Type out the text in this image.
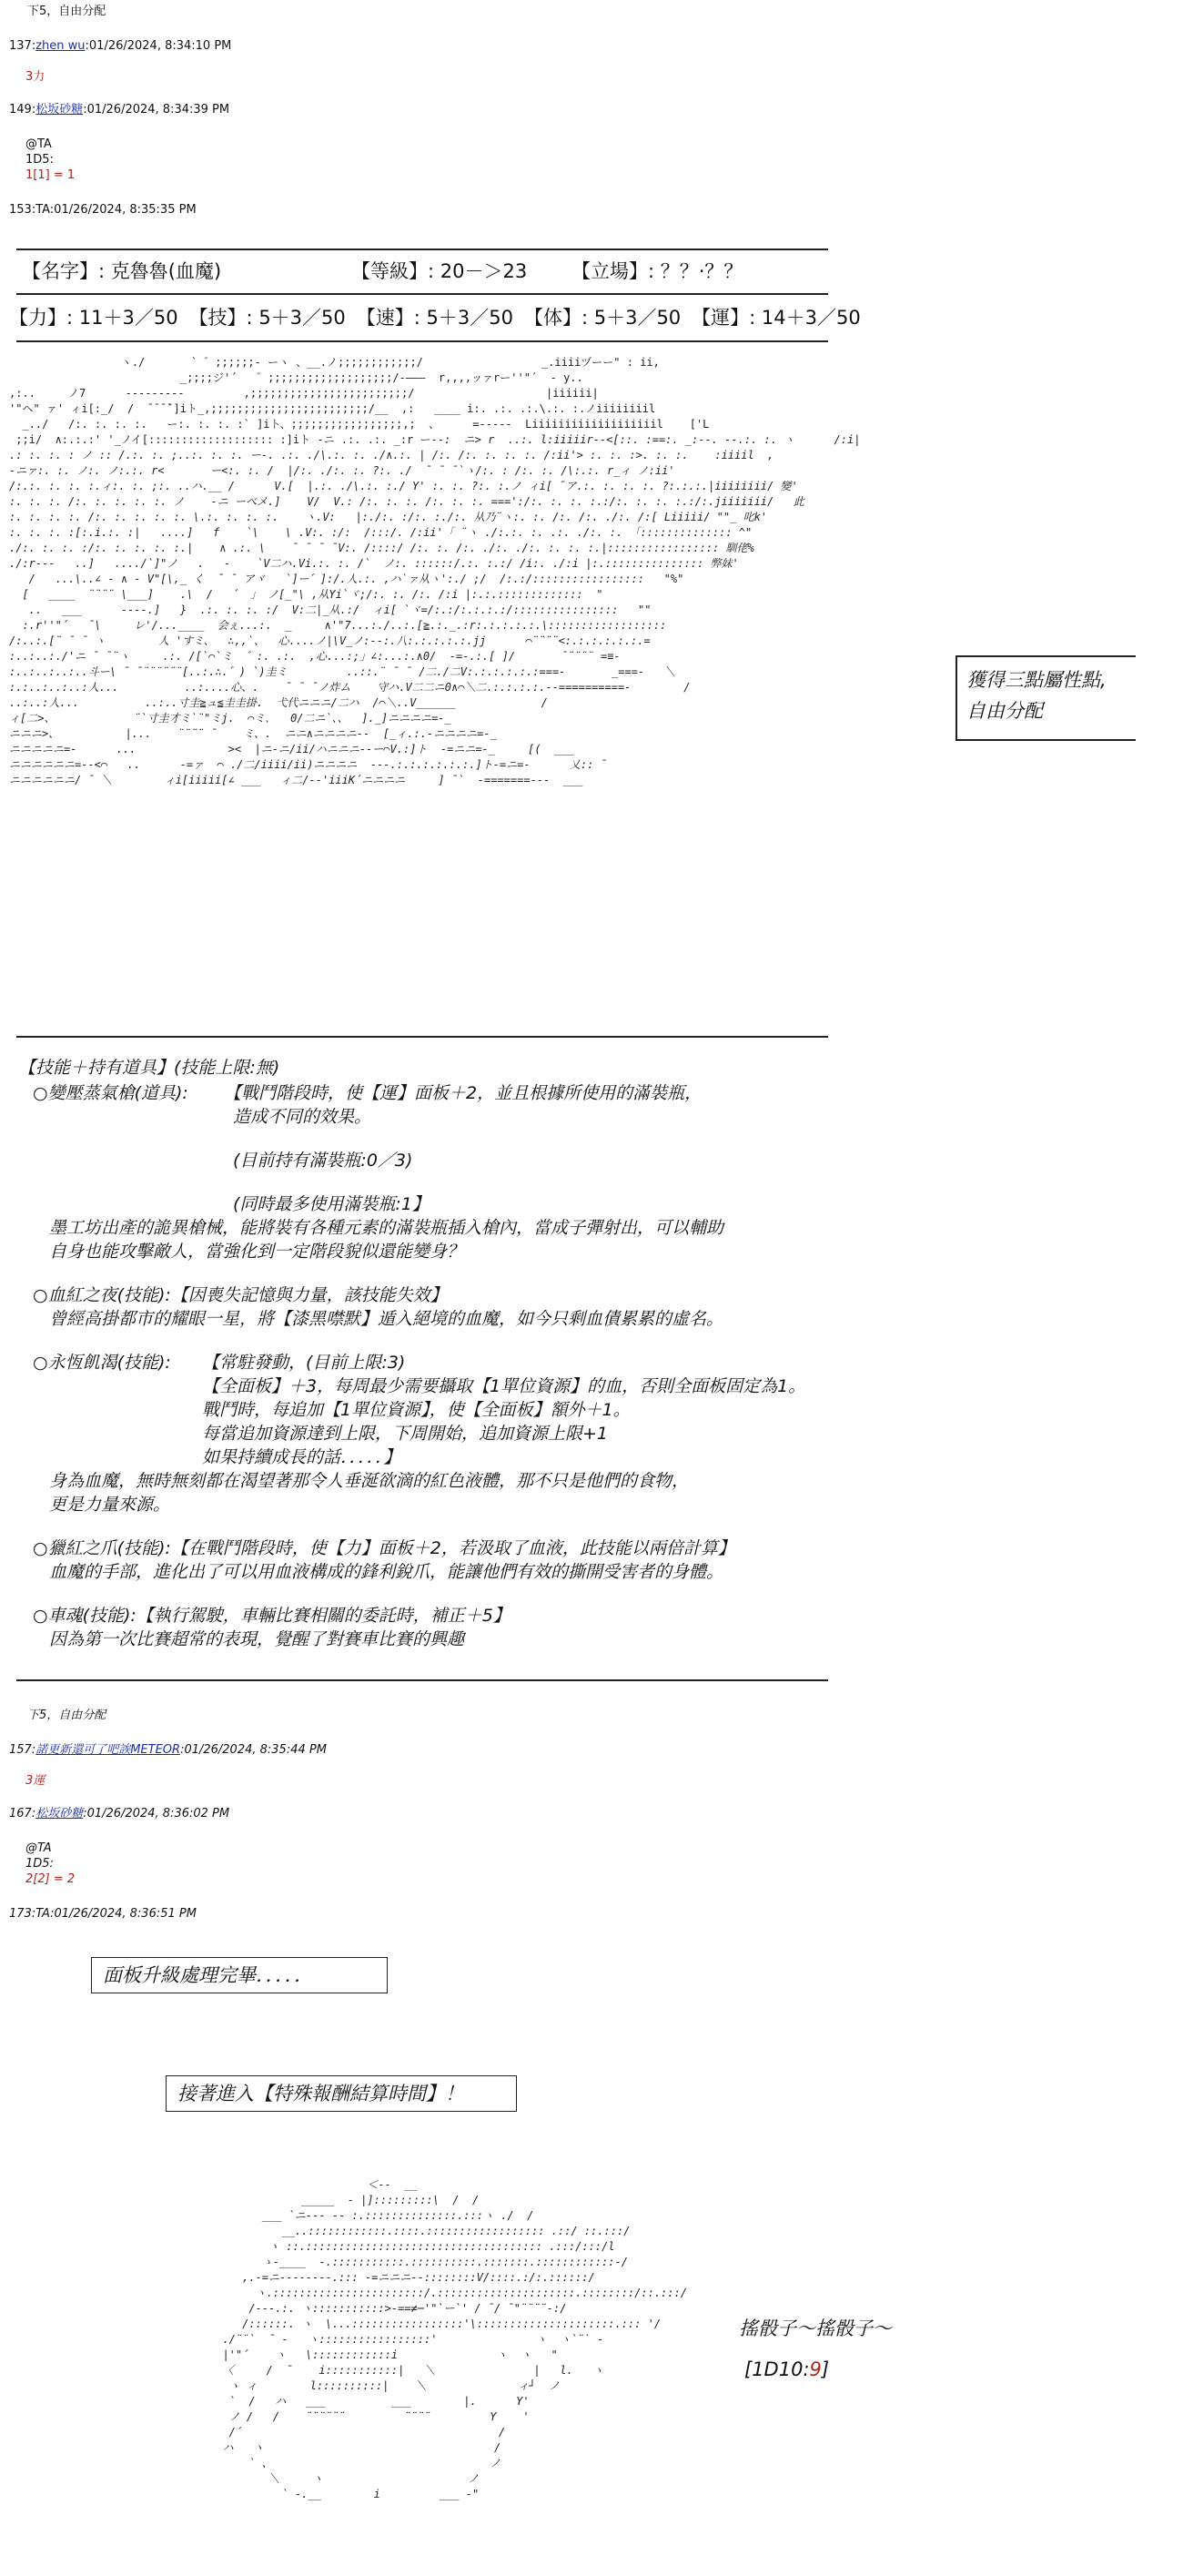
下5，自由分配
137:zhen wu:01/26/2024, 8:34:10 PM
3力
149:松坂砂糖:01/26/2024, 8:34:39 PM
@TA
1D5:
1[1] = 1
153:TA:01/26/2024, 8:35:35 PM
【名字】: 克魯魯(血魔)	【等級】: 20－＞23	【立場】: ？？·？？
【力】: 11＋3／50	【技】: 5＋3／50	【速】: 5＋3／50	【体】: 5＋3／50	【運】: 14＋3／50
ヽ./       ` ゛;;;;;;- ーヽ 、__.ノ;;;;;;;;;;;;/                  _.iiiiヅーー" : ii,
_;;;;ジ'´   ゛;;;;;;;;;;;;;;;;;;;/-―――  r,,,,ッァrー''"´  ‐ y..
,:..     ノ7      ---------         ,;;;;;;;;;;;;;;;;;;;;;;;;/                    |iiiiii|
'"ヘ" ァ' ィi[:_/  /  ̄ ̄ ̄ ̄`]iト_,;;;;;;;;;;;;;;;;;;;;;;;;/__  ,:   ____ i:. .:. .:.\.:. :.ノiiiiiiiil
_../   /:. :. :. :.   ー:. :. :. :` ]iト、;;;;;;;;;;;;;;;;;,;  、     =-----  Liiiiiiiiiiiiiiiiiiil    ['L
;;i/  ∧:.:.:' '_ノイ[::::::::::::::::::: :]iト -ニ .:. .:. _:r ー--:  ニ> r  ..:. l:iiiiir--<[::. :==:. _:--. --.:. :. ヽ      /:i|
.: :. :. : ノ :: /.:. :. ;..:. :. :. ー-. .:. ./\.:. :. ./∧.:. | /:. /:. :. :. :. /:ii'> :. :. :>. :. :.    :iiiil  ,
-ニァ:. :. ノ:. ノ:.:. r<       ー<:. :. /  |/:. ./:. :. ?:. ./  ̄ ̄ ̄`ヽ/:. : /:. :. /\:.:. r_ィ ノ:ii'
/:.:. :. :. :.ィ:. :. ;:. ..ハ.__ /      V.[  |.:. ./\.:. :./ Y' :. :. ?:. :.ノ ィi[ ̄ア.:. :. :. :. ?:.:.:.|iiiiiiii/ 變'
:. :. :. /:. :. :. :. :. ノ    -ニ ーべメ.]    V/  V.: /:. :. :. /:. :. :. ===':/:. :. :. :.:/:. :. :. :.:/:.jiiiiiii/   此
:. :. :. :. /:. :. :. :. :. \.:. :. :. :.    ヽ.V:   |:./:. :/:. :./:. 从乃¨ヽ:. :. /:. /:. ./:. /:[ Liiiii/ ""_ 叱k'
:. :. :. :[:.i.:. :|   ....]   f    `\    \ .V:. :/:  /:::/. /:ii'「 ¨ヽ ./:.:. :. .:. ./:. :. 「:::::::::::::: ^"
./:. :. :. :/:. :. :. :. :.|    ∧ .:. \    ̄ ̄ ̄ ̄V:. /::::/ /:. :. /:. ./:. ./:. :. :. :.|::::::::::::::::: 馴佬%
./:r---   ..]   ..../`]"ノ   .   -    `V二ハ.Vi.:. :. /`  ノ:. ::::::/.:. :.:/ /i:. ./:i |:.::::::::::::::: 弊妹'
/   ...\..∠ - ∧ - V"[\,_ く  ̄ ̄ アヾ   `]ー゛]:/.人.:. ,ハ`ァ从ヽ':./ ;/  /:.:/:::::::::::::::::   "%"
[   ____  ¨¨¨¨ \___]    .\  /   ゛ 」 ノ[_"\ ,从Yi`ヾ;/:. :. /:. /:i |:.:.:::::::::::::  "
..   ___      ----.]   }  .:. :. :. :/  V:二|_从.:/  ィi[ `ヾ=/:.:/:.:.:.:/::::::::::::::::   ""
:.r''"´   ̄\     レ'/...____  会ぇ...:.  _     ∧'"7...:./..:.[≧.:._.:r:.:.:.:.:.\::::::::::::::::::
/:..:.[¨ ̄ ̄ ヽ        人 'すミ、  ∴,,`、  心....ノ|\V_ノ:--:.八:.:.:.:.:.jj      ⌒¨¨¨¨<:.:.:.:.:.:.=
:..:..:./'ニ ̄ ̄¨ヽ     .:. /[`⌒`ミ  ゛:. .:.  ,心...:;」∠:...:.∧0/  -=-.:.[ ]/       ̄¨¨¨¨ =≡-
:..:..:..:..斗ー\ ̄ ̄¨¨¨¨¨¨[..:.∴.゛) `)圭ミ         ..::.¨ ̄ ̄ /二./二V:.:.:.:.:.:===-       _===-   ＼
:.:..:..:..:人...          ..:....心、.    ̄ ̄ ̄ノ炸ム    守ハ.V二二ニ0∧⌒＼二.:.:.:.:.--==========-        /
..:..:人...          ..:..寸圭≧ュ≦圭圭掛.  弋代ニニニ/二ハ  /⌒＼..V______             /
ィ[二>、            ¨`寸圭才ミ`¨"ミj.  ⌒ミ､   0/二ニ`、、  ]._]ニニニニ=-_
ニニニ>、          |...    ¨¨¨¨ ̄    ミ、.  ニニ∧ニニニニ--  [_ィ.:.-ニニニニ=-_
ニニニニニ=-      ...              ><  |ニ-ニ/ii/ハニニニ--ー⌒V.:]ト  -=ニニ=-_     [(  ___
ニニニニニニ=--<⌒   ..      -=ァ  ⌒ ./二/iiii/ii)ニニニニ  ---.:.:.:.:.:.:.]ト-=ニ=-      乂:: ̄
ニニニニニニ/ ̄ ＼        ィi[iiiii[∠ ___   ィ二/--'iiiK´ニニニニ     ] ̄`  -=======---  ___

獲得三點屬性點,
自由分配
【技能＋持有道具】(技能上限:無)
○變壓蒸氣槍(道具): 【戰鬥階段時，使【運】面板＋2，並且根據所使用的滿裝瓶，
造成不同的效果。
(目前持有滿裝瓶:0／3)
(同時最多使用滿裝瓶:1】
墨工坊出產的詭異槍械，能將裝有各種元素的滿裝瓶插入槍內，當成子彈射出，可以輔助
自身也能攻擊敵人，當強化到一定階段貌似還能變身？
○血紅之夜(技能):【因喪失記憶與力量，該技能失效】
曾經高掛都市的耀眼一星，將【漆黑噤默】遁入絕境的血魔，如今只剩血債累累的虛名。
○永恆飢渴(技能): 【常駐發動，(目前上限:3)
【全面板】＋3，每周最少需要攝取【1單位資源】的血，否則全面板固定為1。
戰鬥時，每追加【1單位資源】，使【全面板】額外＋1。
每當追加資源達到上限，下周開始，追加資源上限+1
如果持續成長的話．．．．．】
身為血魔，無時無刻都在渴望著那令人垂涎欲滴的紅色液體，那不只是他們的食物，
更是力量來源。
○獵紅之爪(技能):【在戰鬥階段時，使【力】面板＋2，若汲取了血液，此技能以兩倍計算】
血魔的手部，進化出了可以用血液構成的鋒利銳爪，能讓他們有效的撕開受害者的身體。
○車魂(技能):【執行駕駛，車輛比賽相關的委託時，補正＋5】
因為第一次比賽超常的表現，覺醒了對賽車比賽的興趣
下5，自由分配
157:諾更新還可了吧誒METEOR:01/26/2024, 8:35:44 PM
3運
167:松坂砂糖:01/26/2024, 8:36:02 PM
@TA
1D5:
2[2] = 2
173:TA:01/26/2024, 8:36:51 PM
面板升級處理完畢．．．．．
接著進入【特殊報酬結算時間】！
＜--  __
_____  - |]:::::::::\  /  /
___ `ニ--- -- :.::::::::::::::.:::ヽ ./  /
__..::::::::::::.::::.:::::::::::::::::: .::/ ::.:::/
ヽ ::.:::::::::::::::::::::::::::::::::::: .:::/:::/l
ゝ-____  -.:::::::::::.::::::::::.:::::::.::::::::::::-/
,.-=ニ--------.::: -=ニニニ--::::::::V/::::.:/:.::::::/
ヽ.:::::::::::::::::::::::/.:::::::::::::::::::::.::::::::/::.:::/
/---.:. ヽ:::::::::::>-==≠─'"`ー`' / ̄/ ̄"¨¨¨¨-:/
/::::::. ヽ  \...:::::::::::::::::'\:::::::::::::::::::::.::: '/
./¨¨`  ̄ -   ヽ:::::::::::::::::'               ヽ  ヽ`¨` -
|'"´    ヽ   \::::::::::::i               ヽ  ヽ   "
〈     /  ̄    i:::::::::::|   ＼               |   l.   ヽ
ヽ ィ        l::::::::::|    ＼              ィ┘  ノ
`  /   ハ   ___          ___        |.      Y'
ノ /   /    ¨¨¨¨¨¨         ¨¨¨¨         Y    '
/´                                       /
ハ   ヽ                                   /
` 、                                 ノ
＼     ヽ                      ノ
` -.__        i         ___ -"

搖骰子～搖骰子～
[1D10:9]
